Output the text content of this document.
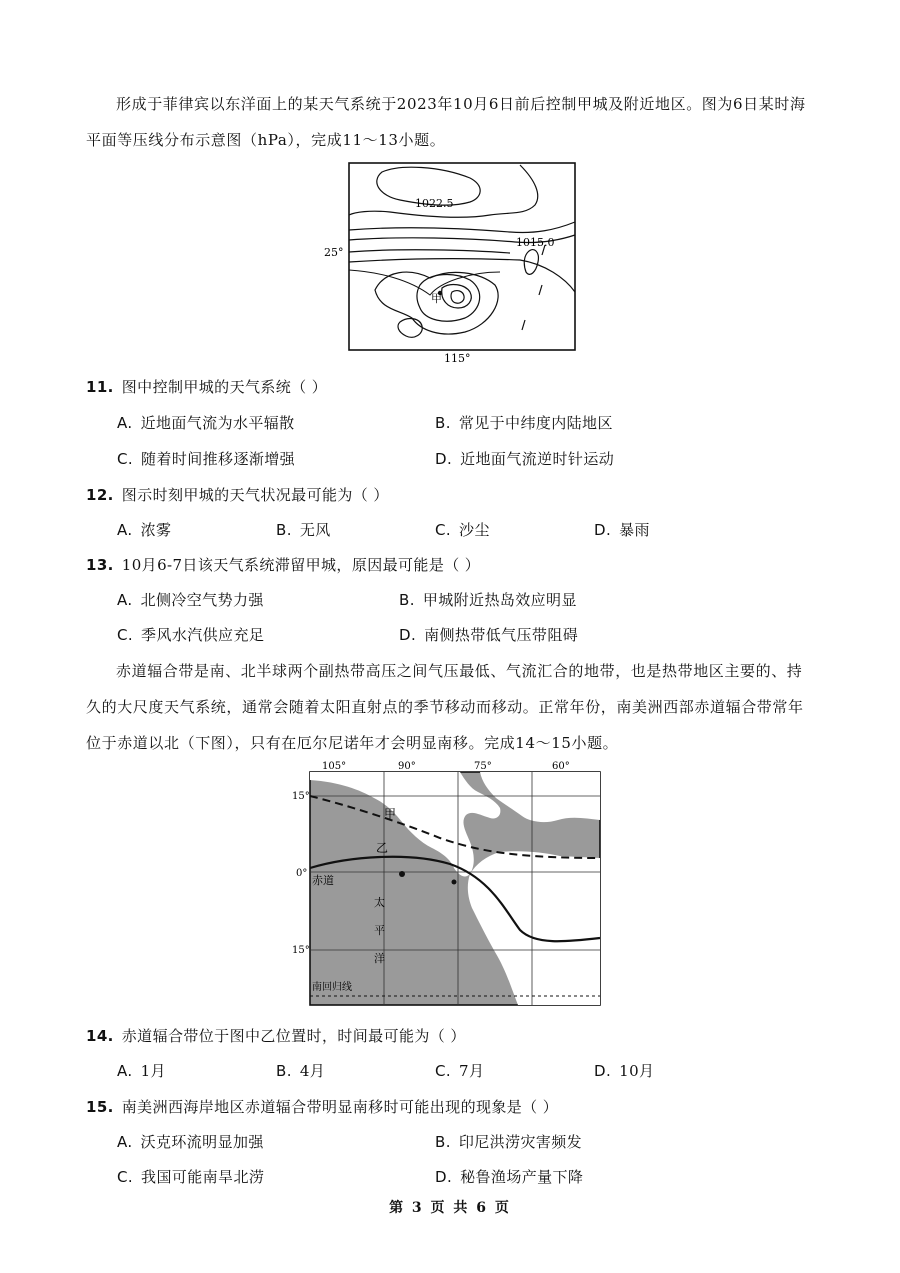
形成于菲律宾以东洋面上的某天气系统于2023年10月6日前后控制甲城及附近地区。图为6日某时海平面等压线分布示意图（hPa），完成11～13小题。

1022.5
1015.0
25°
115°
甲
11. 图中控制甲城的天气系统（ ）
A. 近地面气流为水平辐散	B. 常见于中纬度内陆地区
C. 随着时间推移逐渐增强	D. 近地面气流逆时针运动
12. 图示时刻甲城的天气状况最可能为（ ）
A. 浓雾	B. 无风	C. 沙尘	D. 暴雨
13. 10月6-7日该天气系统滞留甲城，原因最可能是（ ）
A. 北侧冷空气势力强	B. 甲城附近热岛效应明显
C. 季风水汽供应充足	D. 南侧热带低气压带阻碍

赤道辐合带是南、北半球两个副热带高压之间气压最低、气流汇合的地带，也是热带地区主要的、持久的大尺度天气系统，通常会随着太阳直射点的季节移动而移动。正常年份，南美洲西部赤道辐合带常年位于赤道以北（下图），只有在厄尔尼诺年才会明显南移。完成14～15小题。

105°	90°	75°	60°
15°
0°
15°
赤道
南回归线
甲
乙
太
平
洋
14. 赤道辐合带位于图中乙位置时，时间最可能为（ ）
A. 1月	B. 4月	C. 7月	D. 10月
15. 南美洲西海岸地区赤道辐合带明显南移时可能出现的现象是（ ）
A. 沃克环流明显加强	B. 印尼洪涝灾害频发
C. 我国可能南旱北涝	D. 秘鲁渔场产量下降
第 3 页 共 6 页
